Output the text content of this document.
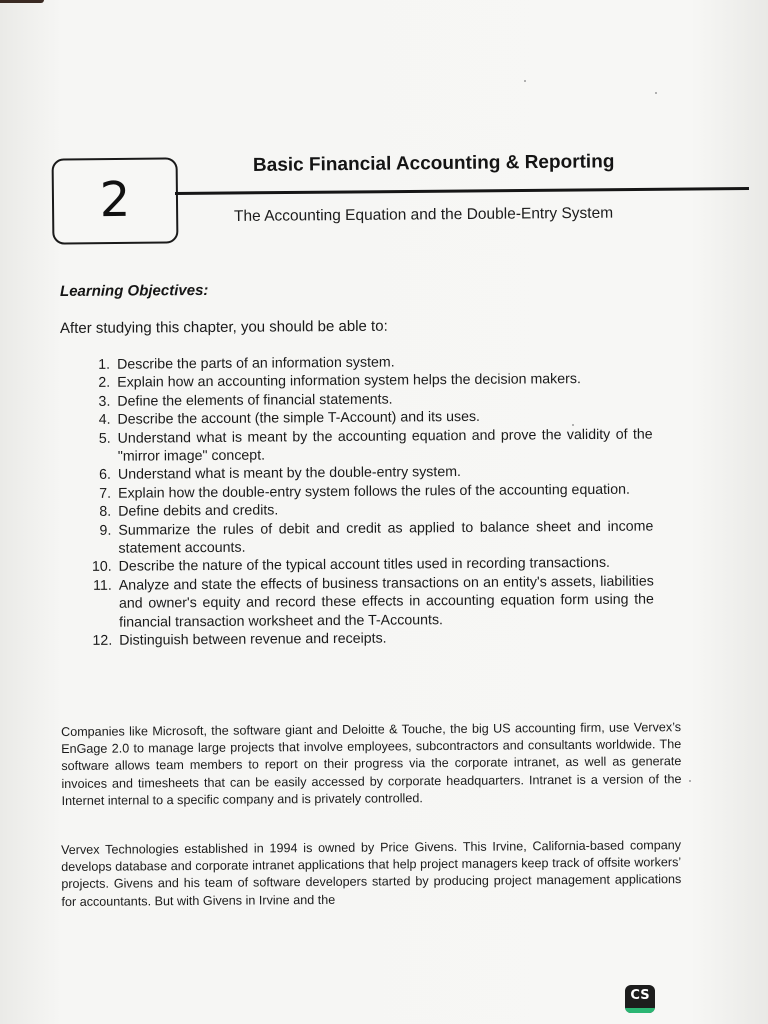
2
Basic Financial Accounting & Reporting
The Accounting Equation and the Double-Entry System
Learning Objectives:
After studying this chapter, you should be able to:
1. Describe the parts of an information system.
2. Explain how an accounting information system helps the decision makers.
3. Define the elements of financial statements.
4. Describe the account (the simple T-Account) and its uses.
5. Understand what is meant by the accounting equation and prove the validity of the "mirror image" concept.
6. Understand what is meant by the double-entry system.
7. Explain how the double-entry system follows the rules of the accounting equation.
8. Define debits and credits.
9. Summarize the rules of debit and credit as applied to balance sheet and income statement accounts.
10. Describe the nature of the typical account titles used in recording transactions.
11. Analyze and state the effects of business transactions on an entity's assets, liabilities and owner's equity and record these effects in accounting equation form using the financial transaction worksheet and the T-Accounts.
12. Distinguish between revenue and receipts.

Companies like Microsoft, the software giant and Deloitte & Touche, the big US accounting firm, use Vervex’s EnGage 2.0 to manage large projects that involve employees, subcontractors and consultants worldwide. The software allows team members to report on their progress via the corporate intranet, as well as generate invoices and timesheets that can be easily accessed by corporate headquarters. Intranet is a version of the Internet internal to a specific company and is privately controlled.

Vervex Technologies established in 1994 is owned by Price Givens. This Irvine, California-based company develops database and corporate intranet applications that help project managers keep track of offsite workers’ projects. Givens and his team of software developers started by producing project management applications for accountants. But with Givens in Irvine and the

CS
